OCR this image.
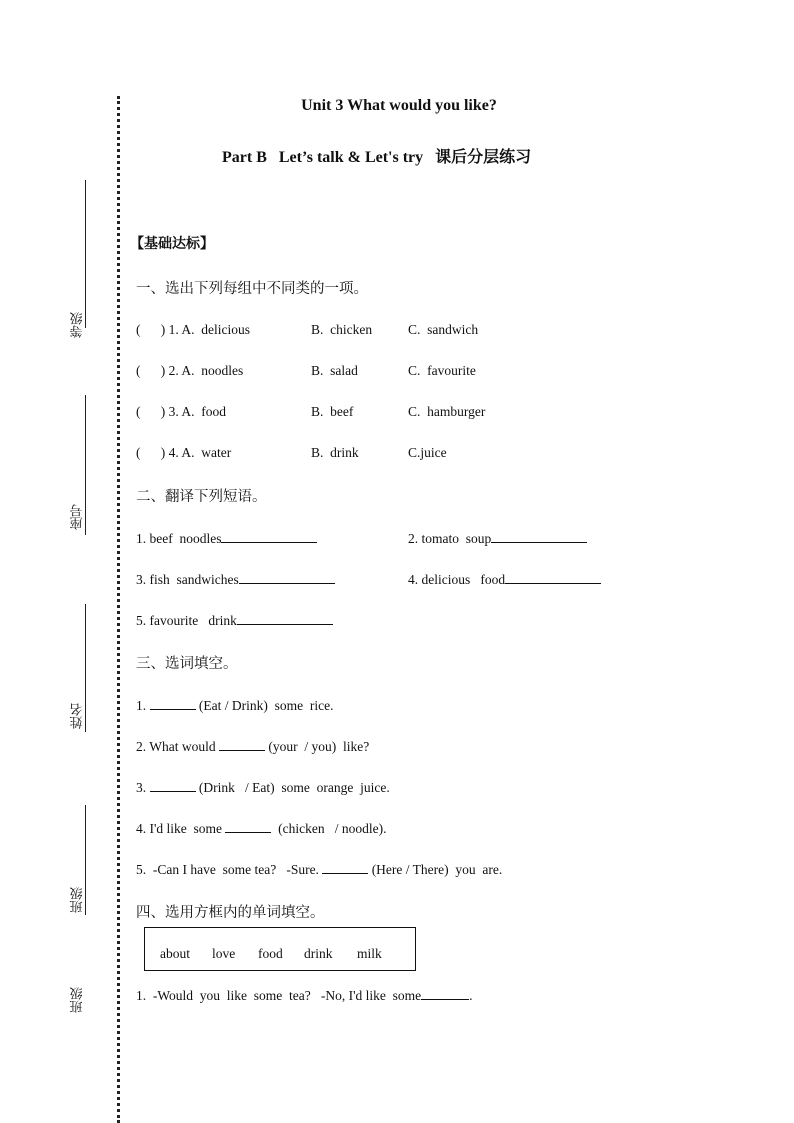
等级
座号
姓名
班级
班级
Unit 3 What would you like?
Part B   Let’s talk & Let's try   课后分层练习
【基础达标】
一、选出下列每组中不同类的一项。
(      ) 1. A.  delicious	B.  chicken	C.  sandwich
(      ) 2. A.  noodles	B.  salad	C.  favourite
(      ) 3. A.  food	B.  beef	C.  hamburger
(      ) 4. A.  water	B.  drink	C.juice
二、翻译下列短语。
1. beef  noodles	2. tomato  soup
3. fish  sandwiches	4. delicious   food
5. favourite   drink
三、选词填空。
1.	(Eat / Drink)  some  rice.
2. What would	(your  / you)  like?
3.	(Drink   / Eat)  some  orange  juice.
4. I'd like  some	(chicken   / noodle).
5.  -Can I have  some tea?   -Sure.	(Here / There)  you  are.
四、选用方框内的单词填空。
about love food drink milk
1.  -Would  you  like  some  tea?   -No, I'd like  some	.
